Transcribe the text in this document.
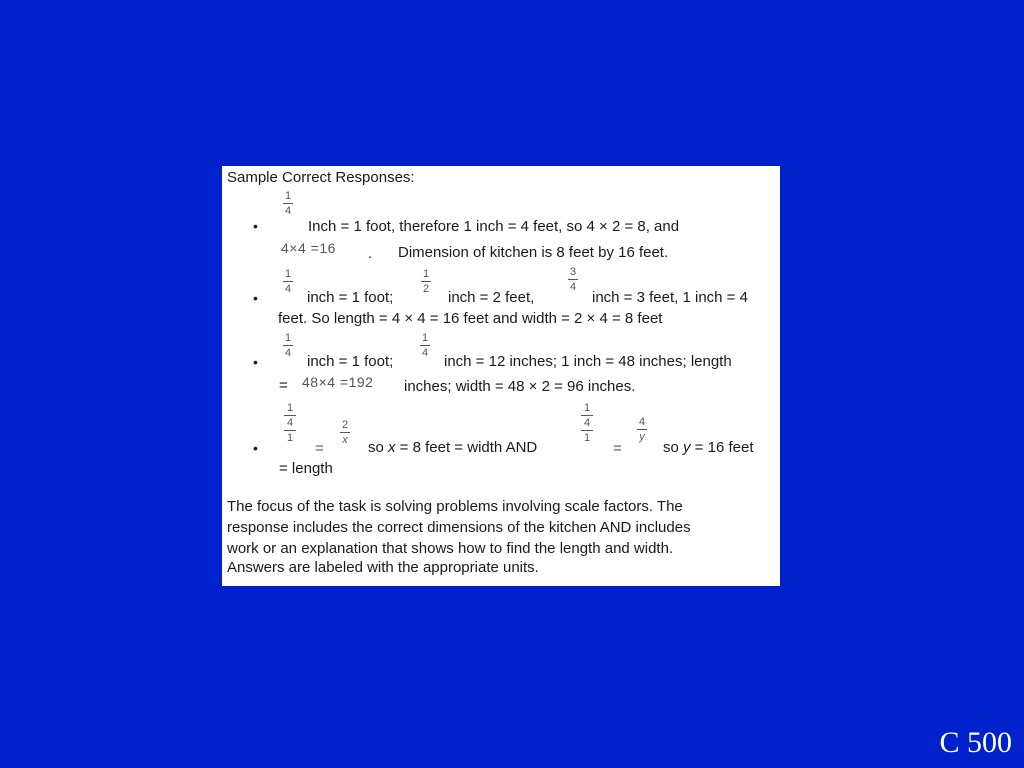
Sample Correct Responses:
•
1
4
Inch = 1 foot, therefore 1 inch = 4 feet, so 4 × 2 = 8, and
4×4 =16 . Dimension of kitchen is 8 feet by 16 feet.
•
1
4 inch = 1 foot;
1
2 inch = 2 feet,
3
4
inch = 3 feet, 1 inch = 4
feet. So length = 4 × 4 = 16 feet and width = 2 × 4 = 8 feet
•
1
4 inch = 1 foot;
1
4 inch = 12 inches; 1 inch = 48 inches; length
= 48×4 =192 inches; width = 48 × 2 = 96 inches.
•
1
4
1
=
2
x so x = 8 feet = width AND
1
4
1
=
4
y
so y = 16 feet
= length
The focus of the task is solving problems involving scale factors. The
response includes the correct dimensions of the kitchen AND includes
work or an explanation that shows how to find the length and width.
Answers are labeled with the appropriate units.
C 500
